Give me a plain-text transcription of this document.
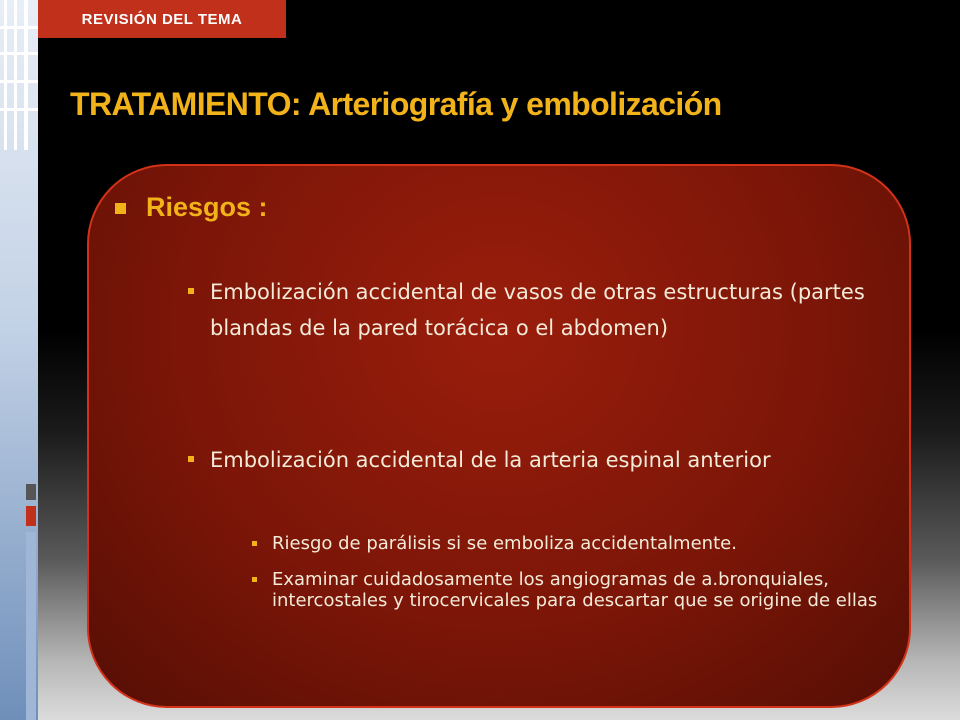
REVISIÓN DEL TEMA
TRATAMIENTO: Arteriografía y embolización
Riesgos :
Embolización accidental de vasos de otras estructuras (partes blandas de la pared torácica o el abdomen)
Embolización accidental de la arteria espinal anterior
Riesgo de parálisis si se emboliza accidentalmente.
Examinar cuidadosamente los angiogramas de a.bronquiales, intercostales y tirocervicales para descartar que se origine de ellas
